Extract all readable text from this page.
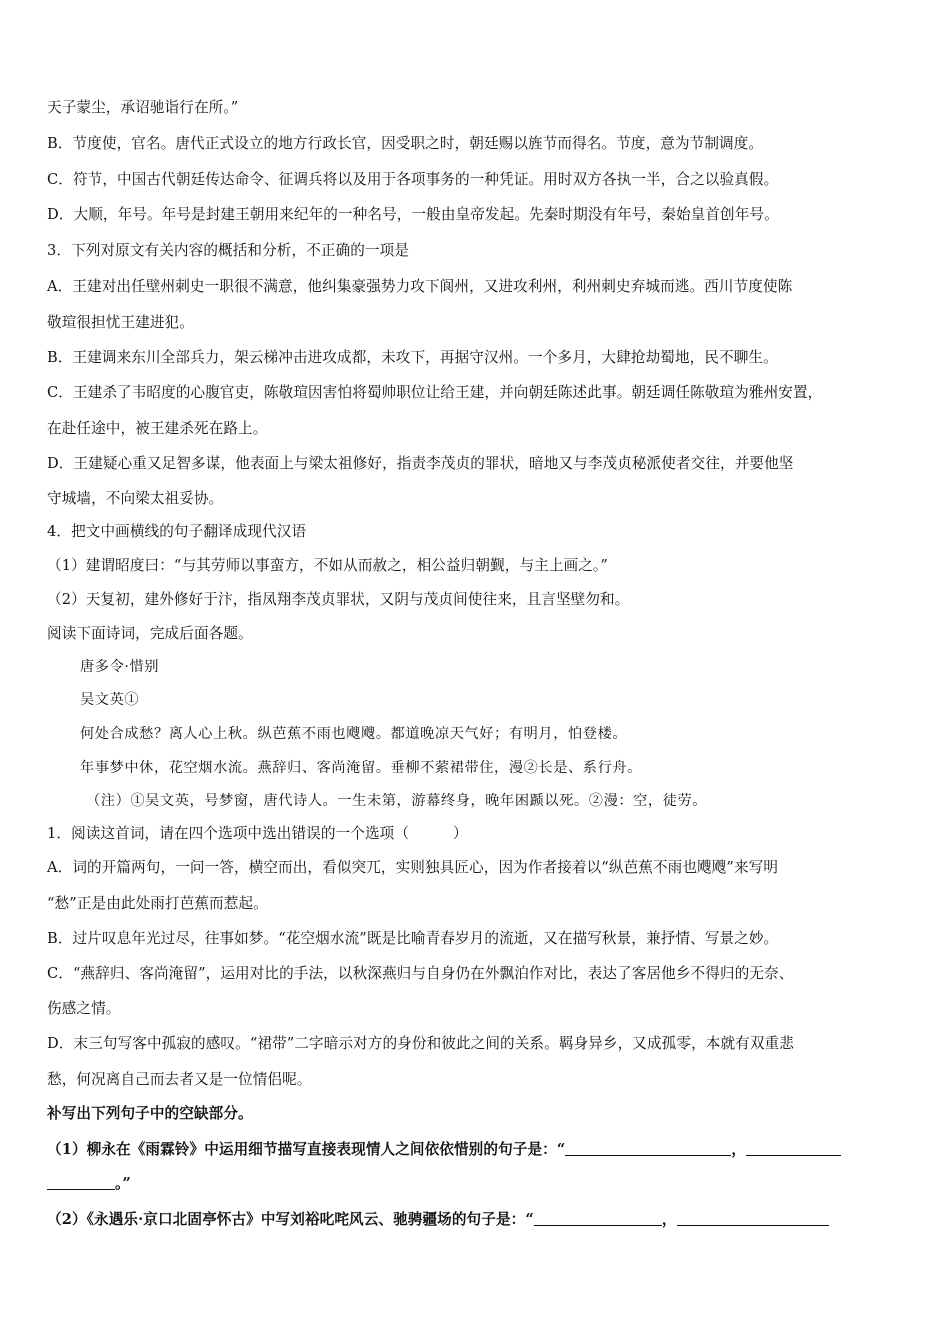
天子蒙尘，承诏驰诣行在所。”
B．节度使，官名。唐代正式设立的地方行政长官，因受职之时，朝廷赐以旌节而得名。节度，意为节制调度。
C．符节，中国古代朝廷传达命令、征调兵将以及用于各项事务的一种凭证。用时双方各执一半，合之以验真假。
D．大顺，年号。年号是封建王朝用来纪年的一种名号，一般由皇帝发起。先秦时期没有年号，秦始皇首创年号。
3．下列对原文有关内容的概括和分析，不正确的一项是
A．王建对出任壁州刺史一职很不满意，他纠集豪强势力攻下阆州，又进攻利州，利州刺史弃城而逃。西川节度使陈
敬瑄很担忧王建进犯。
B．王建调来东川全部兵力，架云梯冲击进攻成都，未攻下，再据守汉州。一个多月，大肆抢劫蜀地，民不聊生。
C．王建杀了韦昭度的心腹官吏，陈敬瑄因害怕将蜀帅职位让给王建，并向朝廷陈述此事。朝廷调任陈敬瑄为雅州安置，
在赴任途中，被王建杀死在路上。
D．王建疑心重又足智多谋，他表面上与梁太祖修好，指责李茂贞的罪状，暗地又与李茂贞秘派使者交往，并要他坚
守城墙，不向梁太祖妥协。
4．把文中画横线的句子翻译成现代汉语
（1）建谓昭度曰：“与其劳师以事蛮方，不如从而赦之，相公益归朝觐，与主上画之。”
（2）天复初，建外修好于汴，指凤翔李茂贞罪状，又阴与茂贞间使往来，且言坚壁勿和。
阅读下面诗词，完成后面各题。
唐多令·惜别
吴文英①
何处合成愁？离人心上秋。纵芭蕉不雨也飕飕。都道晚凉天气好；有明月，怕登楼。
年事梦中休，花空烟水流。燕辞归、客尚淹留。垂柳不萦裙带住，漫②长是、系行舟。
（注）①吴文英，号梦窗，唐代诗人。一生未第，游幕终身，晚年困踬以死。②漫：空，徒劳。
1．阅读这首词，请在四个选项中选出错误的一个选项（	）
A．词的开篇两句，一问一答，横空而出，看似突兀，实则独具匠心，因为作者接着以“纵芭蕉不雨也飕飕”来写明
“愁”正是由此处雨打芭蕉而惹起。
B．过片叹息年光过尽，往事如梦。“花空烟水流”既是比喻青春岁月的流逝，又在描写秋景，兼抒情、写景之妙。
C．“燕辞归、客尚淹留”，运用对比的手法，以秋深燕归与自身仍在外飘泊作对比，表达了客居他乡不得归的无奈、
伤感之情。
D．末三句写客中孤寂的感叹。“裙带”二字暗示对方的身份和彼此之间的关系。羁身异乡，又成孤零，本就有双重悲
愁，何况离自己而去者又是一位情侣呢。
补写出下列句子中的空缺部分。
（1）柳永在《雨霖铃》中运用细节描写直接表现情人之间依依惜别的句子是：“	，
。”
（2）《永遇乐·京口北固亭怀古》中写刘裕叱咤风云、驰骋疆场的句子是：“	，
